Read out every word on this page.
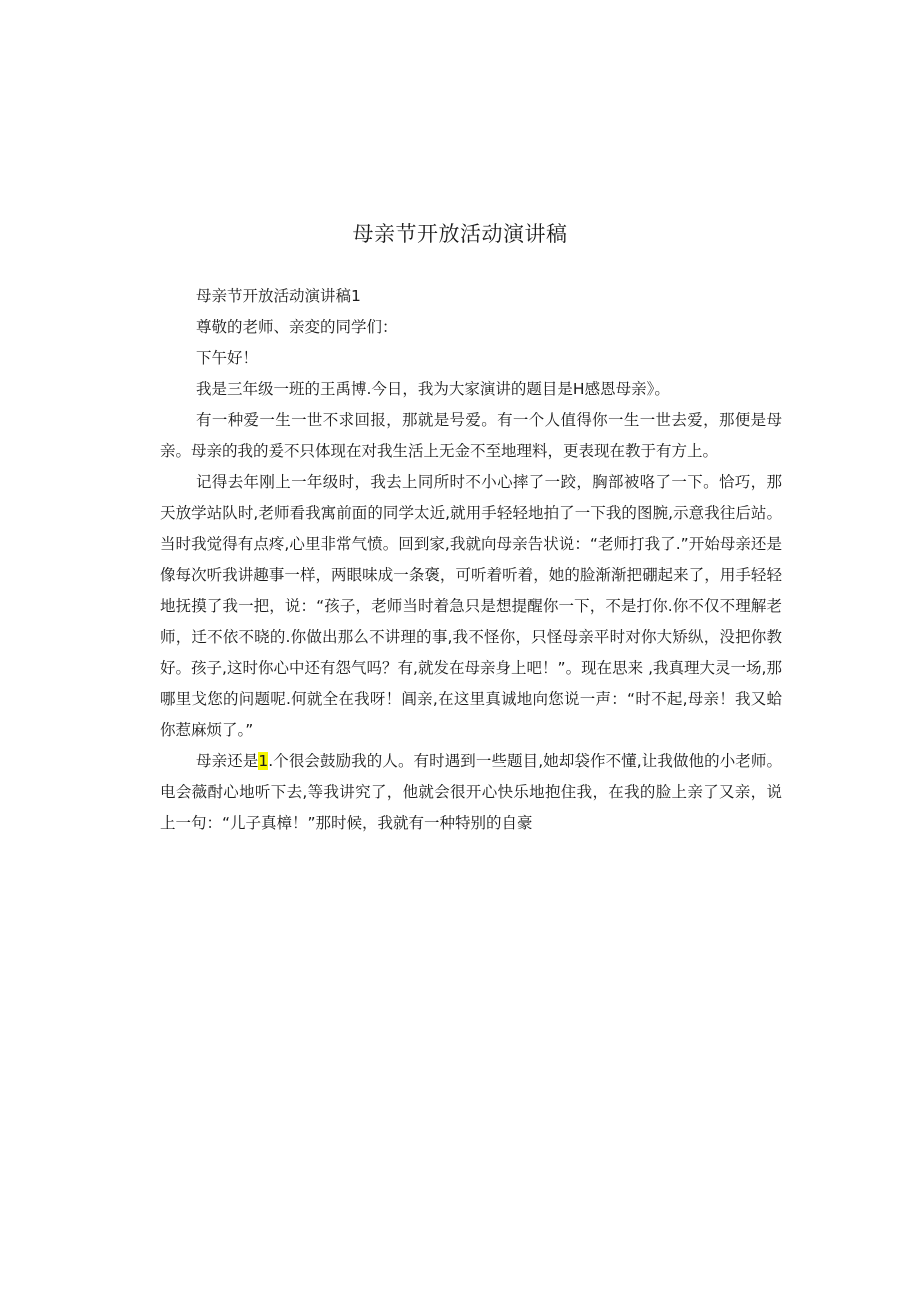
母亲节开放活动演讲稿

母亲节开放活动演讲稿1

尊敬的老师、亲変的同学们：

下午好！

我是三年级一班的王禹博.今日，我为大家演讲的题目是H感恩母亲》。

有一种爱一生一世不求回报，那就是号爱。有一个人值得你一生一世去爱，那便是母亲。母亲的我的爰不只体现在对我生活上无金不至地理料，更表现在教于有方上。

记得去年刚上一年级时，我去上同所时不小心摔了一跤，胸部被咯了一下。恰巧，那天放学站队时,老师看我寓前面的同学太近,就用手轻轻地拍了一下我的图腕,示意我往后站。当时我觉得有点疼,心里非常气愤。回到家,我就向母亲告状说：“老师打我了.”开始母亲还是像每次听我讲趣事一样，两眼味成一条褒，可听着听着，她的脸渐渐把硼起来了，用手轻轻地抚摸了我一把，说：“孩子，老师当时着急只是想提醒你一下，不是打你.你不仅不理解老师，迁不依不晓的.你做出那么不讲理的事,我不怪你，只怪母亲平时对你大矫纵，没把你教好。孩子,这时你心中还有怨气吗？有,就发在母亲身上吧！”。现在思来 ,我真理大灵一场,那哪里戈您的问题呢.何就全在我呀！阊亲,在这里真诚地向您说一声：“时不起,母亲！我又蛤你惹麻烦了。”

母亲还是1.个很会鼓励我的人。有时遇到一些题目,她却袋作不懂,让我做他的小老师。电会薇酎心地听下去,等我讲究了，他就会很开心快乐地抱住我，在我的脸上亲了又亲，说上一句：“儿子真樟！”那时候，我就有一种特别的自豪
